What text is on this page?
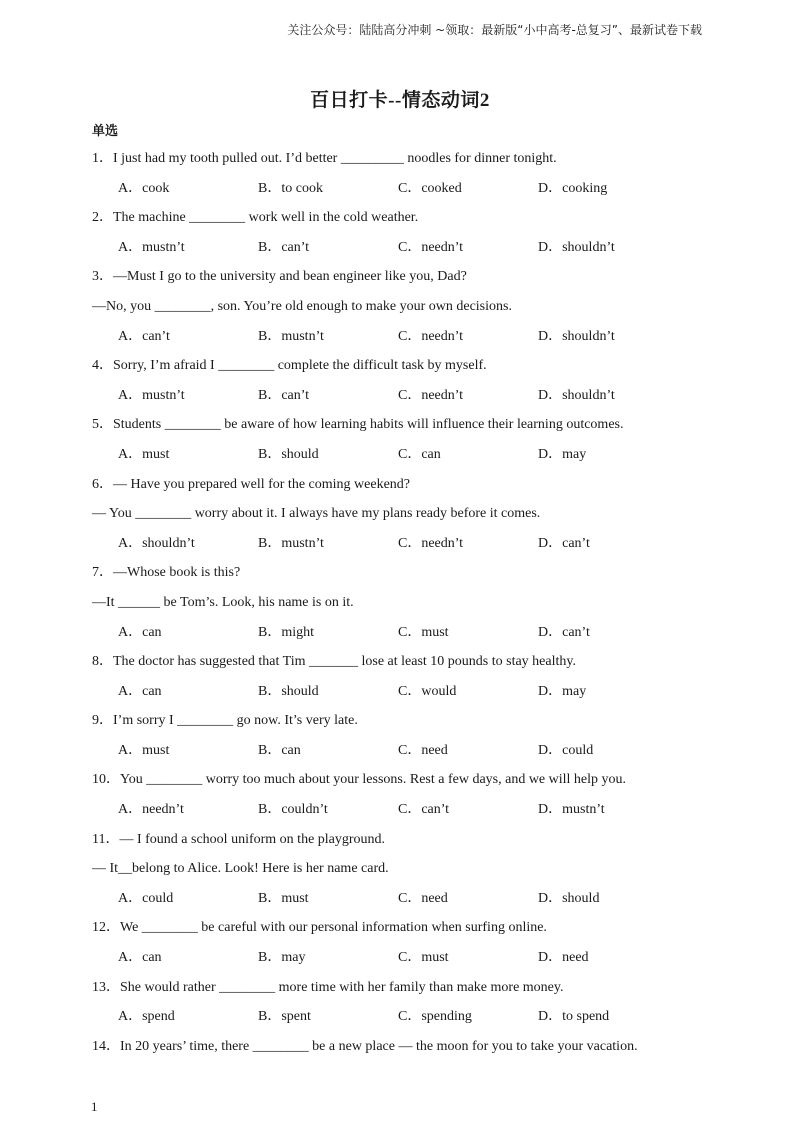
关注公众号：陆陆高分冲刺 ~领取：最新版“小中高考-总复习”、最新试卷下载
百日打卡--情态动词2
单选
1．I just had my tooth pulled out. I’d better _________ noodles for dinner tonight.
A．cook	B．to cook	C．cooked	D．cooking
2．The machine ________ work well in the cold weather.
A．mustn’t	B．can’t	C．needn’t	D．shouldn’t
3．—Must I go to the university and bean engineer like you, Dad?
—No, you ________, son. You’re old enough to make your own decisions.
A．can’t	B．mustn’t	C．needn’t	D．shouldn’t
4．Sorry, I’m afraid I ________ complete the difficult task by myself.
A．mustn’t	B．can’t	C．needn’t	D．shouldn’t
5．Students ________ be aware of how learning habits will influence their learning outcomes.
A．must	B．should	C．can	D．may
6．— Have you prepared well for the coming weekend?
— You ________ worry about it. I always have my plans ready before it comes.
A．shouldn’t	B．mustn’t	C．needn’t	D．can’t
7．—Whose book is this?
—It ______ be Tom’s. Look, his name is on it.
A．can	B．might	C．must	D．can’t
8．The doctor has suggested that Tim _______ lose at least 10 pounds to stay healthy.
A．can	B．should	C．would	D．may
9．I’m sorry I ________ go now. It’s very late.
A．must	B．can	C．need	D．could
10．You ________ worry too much about your lessons. Rest a few days, and we will help you.
A．needn’t	B．couldn’t	C．can’t	D．mustn’t
11．— I found a school uniform on the playground.
— It__belong to Alice. Look! Here is her name card.
A．could	B．must	C．need	D．should
12．We ________ be careful with our personal information when surfing online.
A．can	B．may	C．must	D．need
13．She would rather ________ more time with her family than make more money.
A．spend	B．spent	C．spending	D．to spend
14．In 20 years’ time, there ________ be a new place — the moon for you to take your vacation.
1
